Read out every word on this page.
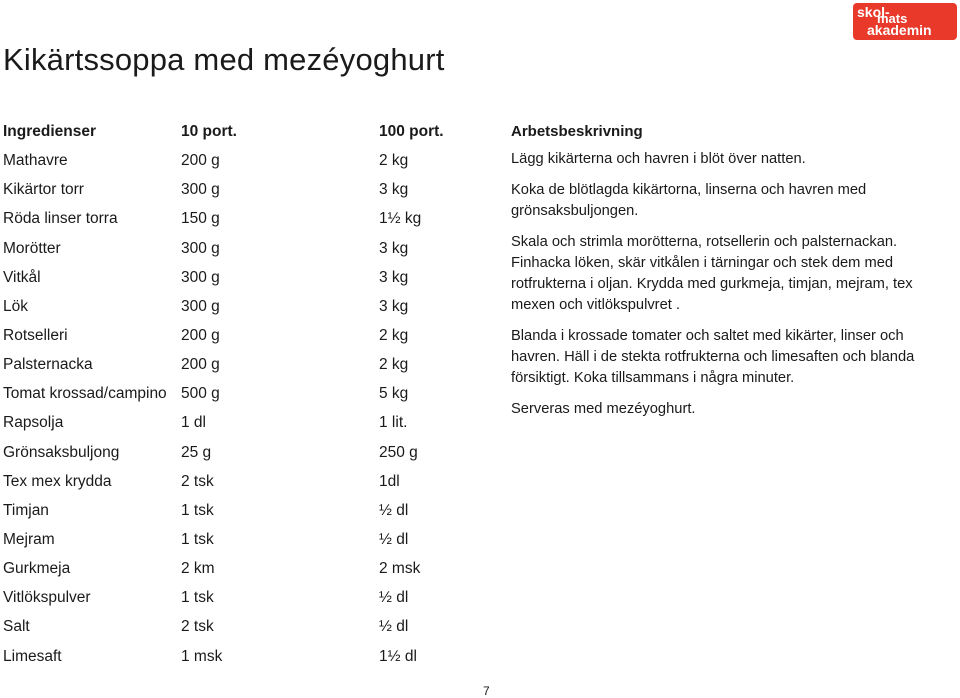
skol-
mats
akademin
Kikärtssoppa med mezéyoghurt
Ingredienser	10 port.	100 port.
Mathavre	200 g	2 kg
Kikärtor torr	300 g	3 kg
Röda linser torra	150 g	1½ kg
Morötter	300 g	3 kg
Vitkål	300 g	3 kg
Lök	300 g	3 kg
Rotselleri	200 g	2 kg
Palsternacka	200 g	2 kg
Tomat krossad/campino 500 g	5 kg
Rapsolja	1 dl	1 lit.
Grönsaksbuljong	25 g	250 g
Tex mex krydda	2 tsk	1dl
Timjan	1 tsk	½ dl
Mejram	1 tsk	½ dl
Gurkmeja	2 km	2 msk
Vitlökspulver	1 tsk	½ dl
Salt	2 tsk	½ dl
Limesaft	1 msk	1½ dl
Arbetsbeskrivning

Lägg kikärterna och havren i blöt över natten.

Koka de blötlagda kikärtorna, linserna och havren med grönsaksbuljongen.

Skala och strimla morötterna, rotsellerin och palsternackan. Finhacka löken, skär vitkålen i tärningar och stek dem med rotfrukterna i oljan. Krydda med gurkmeja, timjan, mejram, tex mexen och vitlökspulvret .

Blanda i krossade tomater och saltet med kikärter, linser och havren. Häll i de stekta rotfrukterna och limesaften och blanda försiktigt. Koka tillsammans i några minuter.

Serveras med mezéyoghurt.

7
